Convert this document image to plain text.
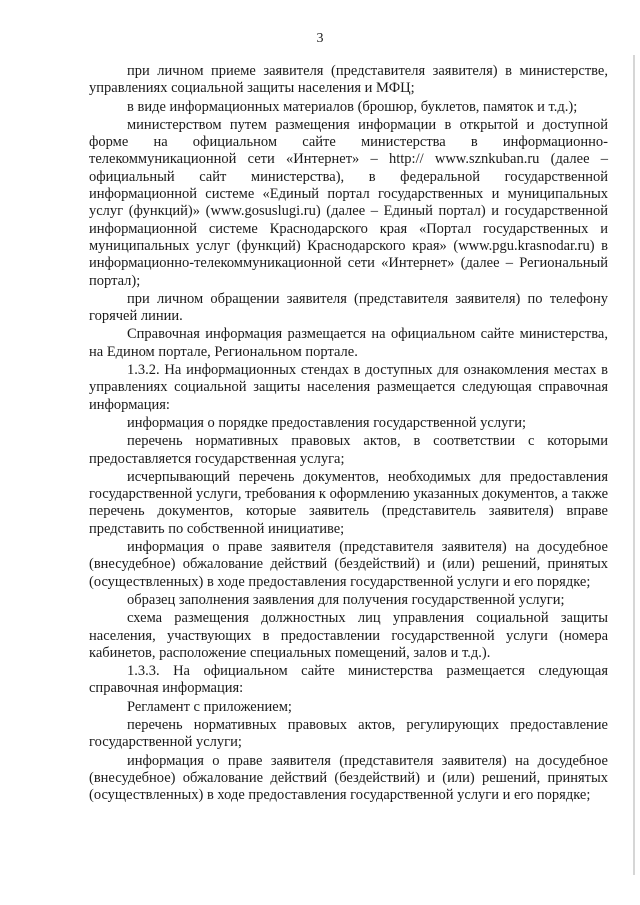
3

при личном приеме заявителя (представителя заявителя) в министерстве, управлениях социальной защиты населения и МФЦ;

в виде информационных материалов (брошюр, буклетов, памяток и т.д.);

министерством путем размещения информации в открытой и доступной форме на официальном сайте министерства в информационно-телекоммуникационной сети «Интернет» – http:// www.sznkuban.ru (далее – официальный сайт министерства), в федеральной государственной информационной системе «Единый портал государственных и муниципальных услуг (функций)» (www.gosuslugi.ru) (далее – Единый портал) и государственной информационной системе Краснодарского края «Портал государственных и муниципальных услуг (функций) Краснодарского края» (www.pgu.krasnodar.ru) в информационно-телекоммуникационной сети «Интернет» (далее – Региональный портал);

при личном обращении заявителя (представителя заявителя) по телефону горячей линии.

Справочная информация размещается на официальном сайте министерства, на Едином портале, Региональном портале.

1.3.2. На информационных стендах в доступных для ознакомления местах в управлениях социальной защиты населения размещается следующая справочная информация:

информация о порядке предоставления государственной услуги;

перечень нормативных правовых актов, в соответствии с которыми предоставляется государственная услуга;

исчерпывающий перечень документов, необходимых для предоставления государственной услуги, требования к оформлению указанных документов, а также перечень документов, которые заявитель (представитель заявителя) вправе представить по собственной инициативе;

информация о праве заявителя (представителя заявителя) на досудебное (внесудебное) обжалование действий (бездействий) и (или) решений, принятых (осуществленных) в ходе предоставления государственной услуги и его порядке;

образец заполнения заявления для получения государственной услуги;

схема размещения должностных лиц управления социальной защиты населения, участвующих в предоставлении государственной услуги (номера кабинетов, расположение специальных помещений, залов и т.д.).

1.3.3. На официальном сайте министерства размещается следующая справочная информация:

Регламент с приложением;

перечень нормативных правовых актов, регулирующих предоставление государственной услуги;

информация о праве заявителя (представителя заявителя) на досудебное (внесудебное) обжалование действий (бездействий) и (или) решений, принятых (осуществленных) в ходе предоставления государственной услуги и его порядке;
